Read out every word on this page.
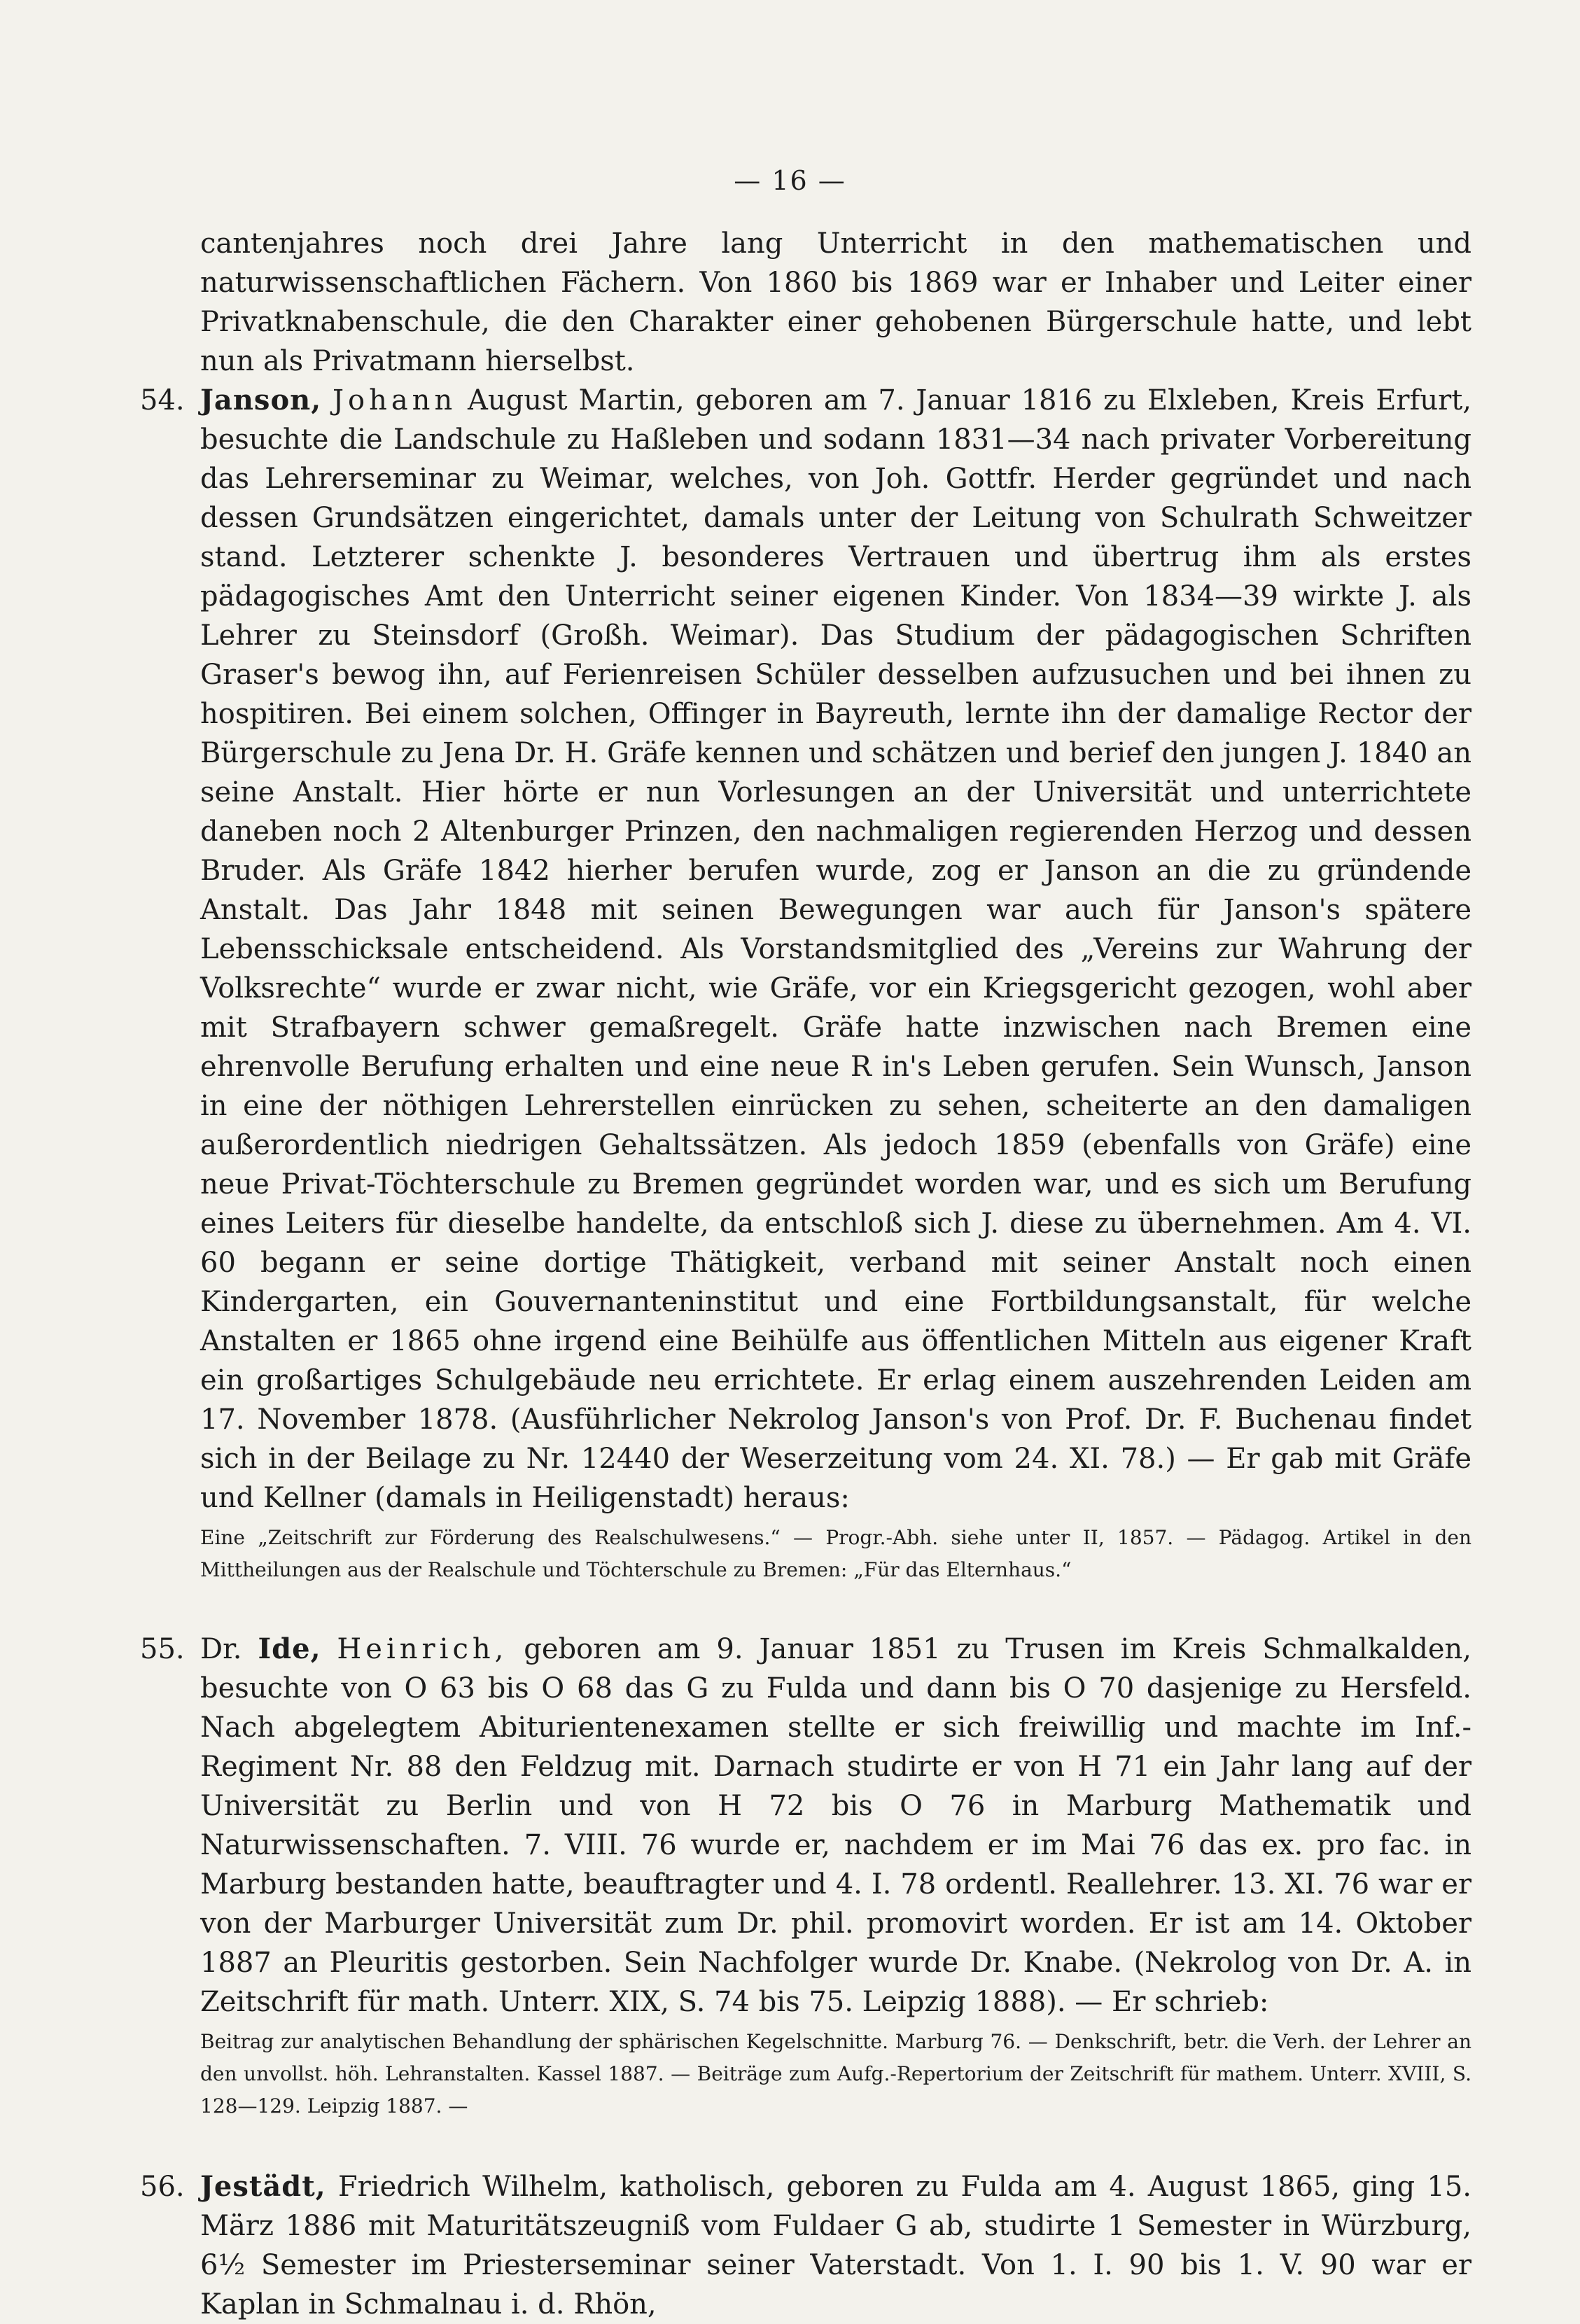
— 16 —

cantenjahres noch drei Jahre lang Unterricht in den mathematischen und naturwissenschaftlichen Fächern. Von 1860 bis 1869 war er Inhaber und Leiter einer Privatknabenschule, die den Charakter einer gehobenen Bürgerschule hatte, und lebt nun als Privatmann hierselbst.

54. Janson, Johann August Martin, geboren am 7. Januar 1816 zu Elxleben, Kreis Erfurt, besuchte die Landschule zu Haßleben und sodann 1831—34 nach privater Vorbereitung das Lehrerseminar zu Weimar, welches, von Joh. Gottfr. Herder gegründet und nach dessen Grundsätzen eingerichtet, damals unter der Leitung von Schulrath Schweitzer stand. Letzterer schenkte J. besonderes Vertrauen und übertrug ihm als erstes pädagogisches Amt den Unterricht seiner eigenen Kinder. Von 1834—39 wirkte J. als Lehrer zu Steinsdorf (Großh. Weimar). Das Studium der pädagogischen Schriften Graser's bewog ihn, auf Ferienreisen Schüler desselben aufzusuchen und bei ihnen zu hospitiren. Bei einem solchen, Offinger in Bayreuth, lernte ihn der damalige Rector der Bürgerschule zu Jena Dr. H. Gräfe kennen und schätzen und berief den jungen J. 1840 an seine Anstalt. Hier hörte er nun Vorlesungen an der Universität und unterrichtete daneben noch 2 Altenburger Prinzen, den nachmaligen regierenden Herzog und dessen Bruder. Als Gräfe 1842 hierher berufen wurde, zog er Janson an die zu gründende Anstalt. Das Jahr 1848 mit seinen Bewegungen war auch für Janson's spätere Lebensschicksale entscheidend. Als Vorstandsmitglied des „Vereins zur Wahrung der Volksrechte“ wurde er zwar nicht, wie Gräfe, vor ein Kriegsgericht gezogen, wohl aber mit Strafbayern schwer gemaßregelt. Gräfe hatte inzwischen nach Bremen eine ehrenvolle Berufung erhalten und eine neue R in's Leben gerufen. Sein Wunsch, Janson in eine der nöthigen Lehrerstellen einrücken zu sehen, scheiterte an den damaligen außerordentlich niedrigen Gehaltssätzen. Als jedoch 1859 (ebenfalls von Gräfe) eine neue Privat-Töchterschule zu Bremen gegründet worden war, und es sich um Berufung eines Leiters für dieselbe handelte, da entschloß sich J. diese zu übernehmen. Am 4. VI. 60 begann er seine dortige Thätigkeit, verband mit seiner Anstalt noch einen Kindergarten, ein Gouvernanteninstitut und eine Fortbildungsanstalt, für welche Anstalten er 1865 ohne irgend eine Beihülfe aus öffentlichen Mitteln aus eigener Kraft ein großartiges Schulgebäude neu errichtete. Er erlag einem auszehrenden Leiden am 17. November 1878. (Ausführlicher Nekrolog Janson's von Prof. Dr. F. Buchenau findet sich in der Beilage zu Nr. 12440 der Weserzeitung vom 24. XI. 78.) — Er gab mit Gräfe und Kellner (damals in Heiligenstadt) heraus:

Eine „Zeitschrift zur Förderung des Realschulwesens.“ — Progr.-Abh. siehe unter II, 1857. — Pädagog. Artikel in den Mittheilungen aus der Realschule und Töchterschule zu Bremen: „Für das Elternhaus.“

55. Dr. Ide, Heinrich, geboren am 9. Januar 1851 zu Trusen im Kreis Schmalkalden, besuchte von O 63 bis O 68 das G zu Fulda und dann bis O 70 dasjenige zu Hersfeld. Nach abgelegtem Abiturientenexamen stellte er sich freiwillig und machte im Inf.-Regiment Nr. 88 den Feldzug mit. Darnach studirte er von H 71 ein Jahr lang auf der Universität zu Berlin und von H 72 bis O 76 in Marburg Mathematik und Naturwissenschaften. 7. VIII. 76 wurde er, nachdem er im Mai 76 das ex. pro fac. in Marburg bestanden hatte, beauftragter und 4. I. 78 ordentl. Reallehrer. 13. XI. 76 war er von der Marburger Universität zum Dr. phil. promovirt worden. Er ist am 14. Oktober 1887 an Pleuritis gestorben. Sein Nachfolger wurde Dr. Knabe. (Nekrolog von Dr. A. in Zeitschrift für math. Unterr. XIX, S. 74 bis 75. Leipzig 1888). — Er schrieb:

Beitrag zur analytischen Behandlung der sphärischen Kegelschnitte. Marburg 76. — Denkschrift, betr. die Verh. der Lehrer an den unvollst. höh. Lehranstalten. Kassel 1887. — Beiträge zum Aufg.-Repertorium der Zeitschrift für mathem. Unterr. XVIII, S. 128—129. Leipzig 1887. —

56. Jestädt, Friedrich Wilhelm, katholisch, geboren zu Fulda am 4. August 1865, ging 15. März 1886 mit Maturitätszeugniß vom Fuldaer G ab, studirte 1 Semester in Würzburg, 6½ Semester im Priesterseminar seiner Vaterstadt. Von 1. I. 90 bis 1. V. 90 war er Kaplan in Schmalnau i. d. Rhön,
